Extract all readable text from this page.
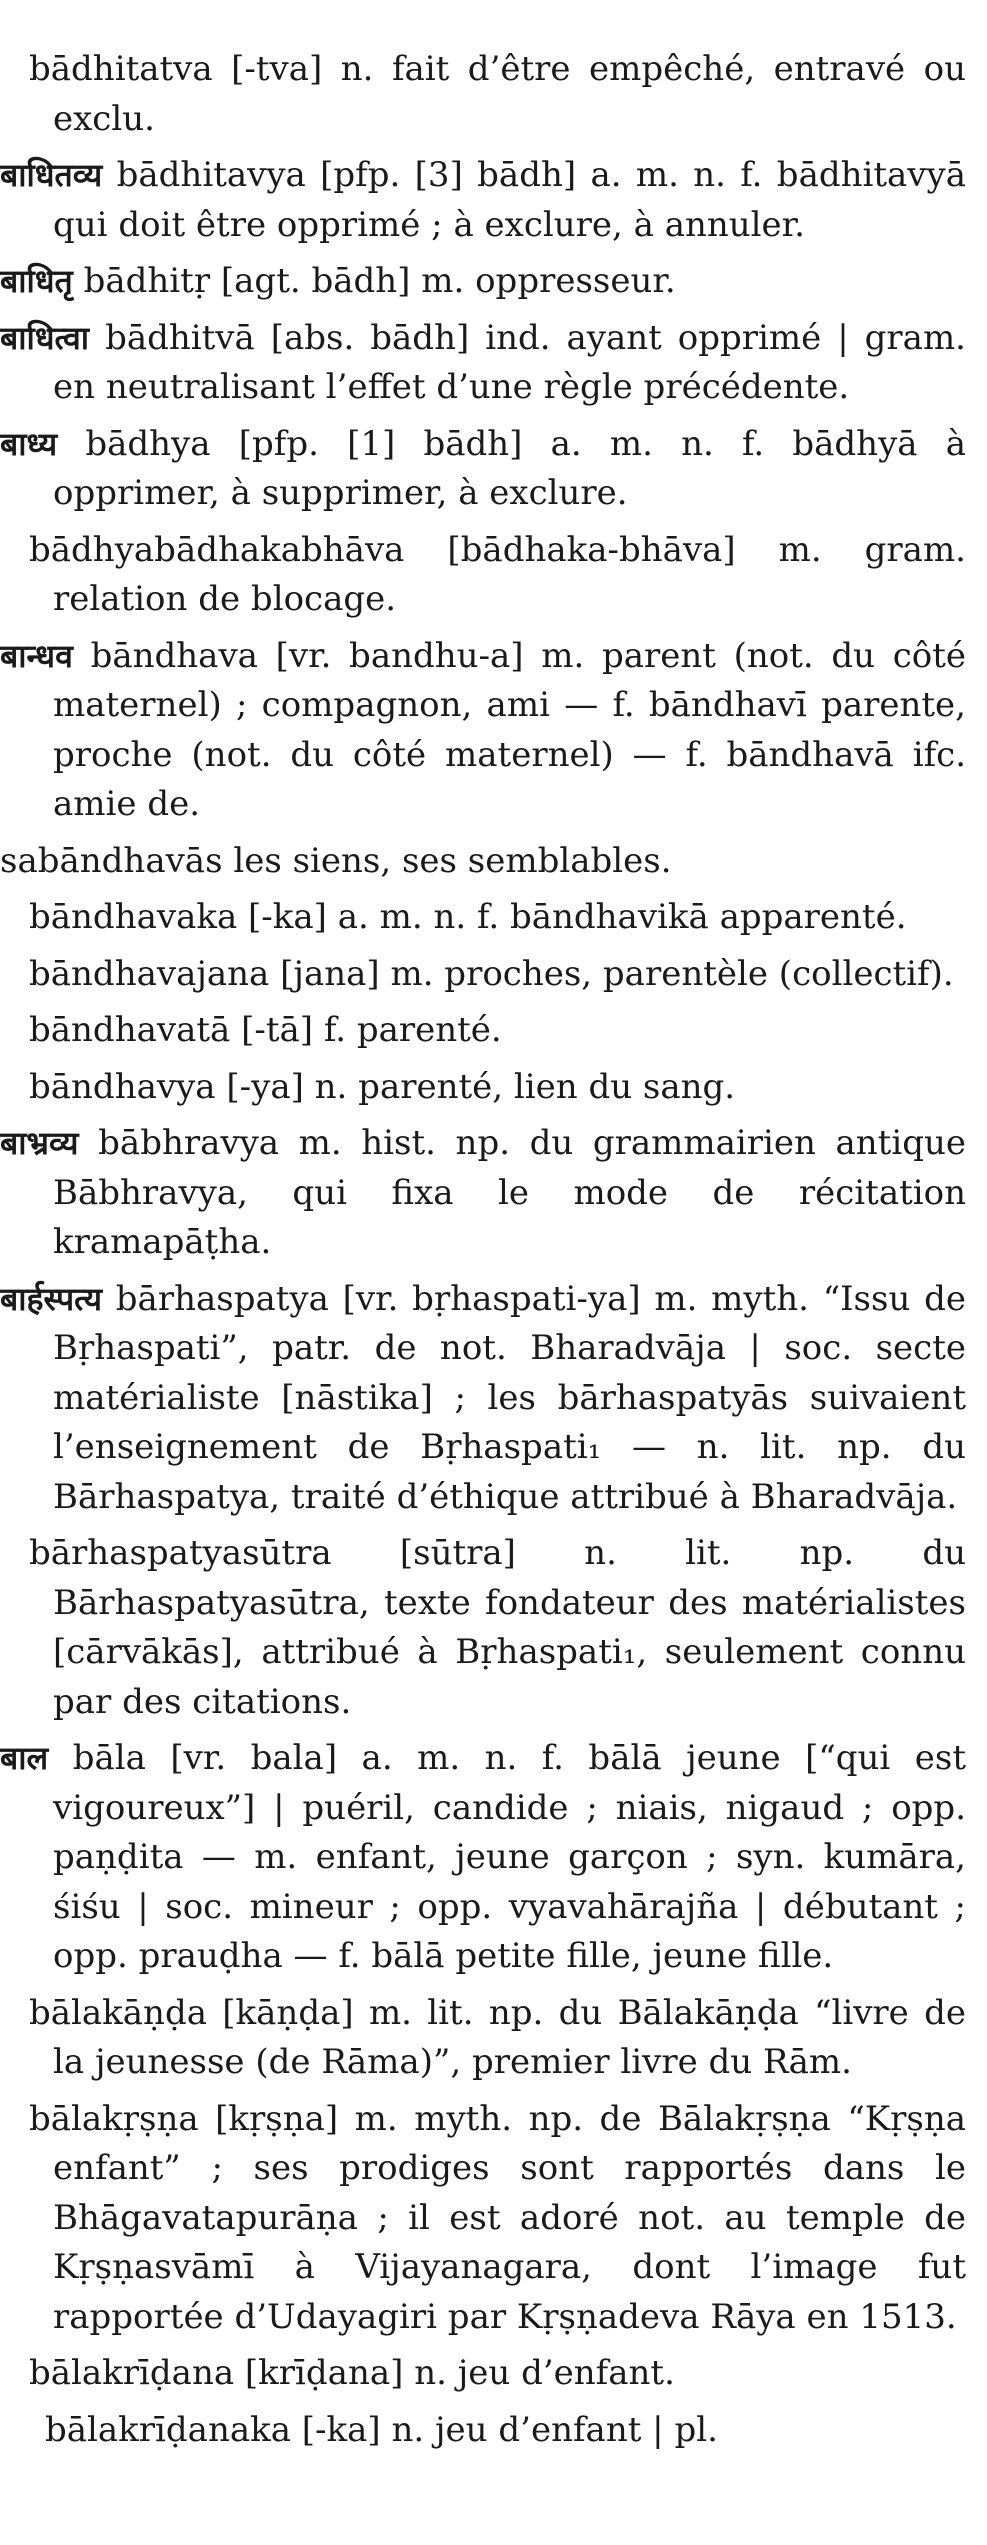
bādhitatva [-tva] n. fait d’être empêché, entravé ou exclu.
बाधितव्य bādhitavya [pfp. [3] bādh] a. m. n. f. bādhitavyā qui doit être opprimé ; à exclure, à annuler.
बाधितृ bādhitṛ [agt. bādh] m. oppresseur.
बाधित्वा bādhitvā [abs. bādh] ind. ayant opprimé | gram. en neutralisant l’effet d’une règle précédente.
बाध्य bādhya [pfp. [1] bādh] a. m. n. f. bādhyā à opprimer, à supprimer, à exclure.
bādhyabādhakabhāva [bādhaka-bhāva] m. gram. relation de blocage.
बान्धव bāndhava [vr. bandhu-a] m. parent (not. du côté maternel) ; compagnon, ami — f. bāndhavī parente, proche (not. du côté maternel) — f. bāndhavā ifc. amie de.
sabāndhavās les siens, ses semblables.
bāndhavaka [-ka] a. m. n. f. bāndhavikā apparenté.
bāndhavajana [jana] m. proches, parentèle (collectif).
bāndhavatā [-tā] f. parenté.
bāndhavya [-ya] n. parenté, lien du sang.
बाभ्रव्य bābhravya m. hist. np. du grammairien antique Bābhravya, qui fixa le mode de récitation kramapāṭha.
बार्हस्पत्य bārhaspatya [vr. bṛhaspati-ya] m. myth. “Issu de Bṛhaspati”, patr. de not. Bharadvāja | soc. secte matérialiste [nāstika] ; les bārhaspatyās suivaient l’enseignement de Bṛhaspati₁ — n. lit. np. du Bārhaspatya, traité d’éthique attribué à Bharadvāja.
bārhaspatyasūtra [sūtra] n. lit. np. du Bārhaspatyasūtra, texte fondateur des matérialistes [cārvākās], attribué à Bṛhaspati₁, seulement connu par des citations.
बाल bāla [vr. bala] a. m. n. f. bālā jeune [“qui est vigoureux”] | puéril, candide ; niais, nigaud ; opp. paṇḍita — m. enfant, jeune garçon ; syn. kumāra, śiśu | soc. mineur ; opp. vyavahārajña | débutant ; opp. prauḍha — f. bālā petite fille, jeune fille.
bālakāṇḍa [kāṇḍa] m. lit. np. du Bālakāṇḍa “livre de la jeunesse (de Rāma)”, premier livre du Rām.
bālakṛṣṇa [kṛṣṇa] m. myth. np. de Bālakṛṣṇa “Kṛṣṇa enfant” ; ses prodiges sont rapportés dans le Bhāgavatapurāṇa ; il est adoré not. au temple de Kṛṣṇasvāmī à Vijayanagara, dont l’image fut rapportée d’Udayagiri par Kṛṣṇadeva Rāya en 1513.
bālakrīḍana [krīḍana] n. jeu d’enfant.
bālakrīḍanaka [-ka] n. jeu d’enfant | pl.
